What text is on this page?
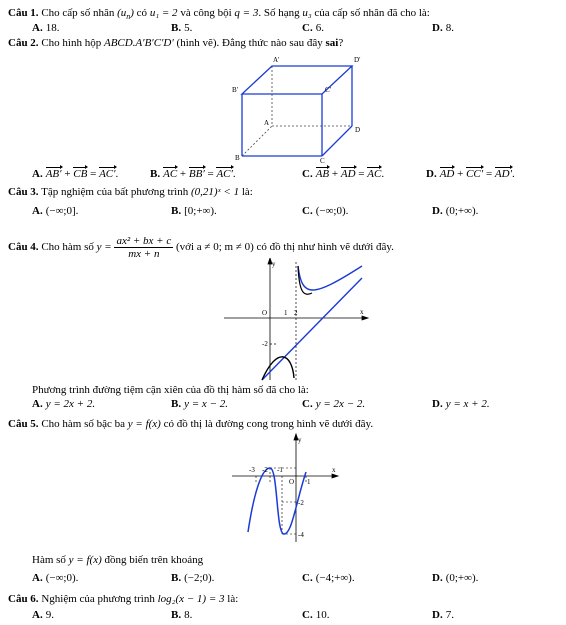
Câu 1. Cho cấp số nhân $(u_n)$ có u₁ = 2 và công bội q = 3. Số hạng u₃ của cấp số nhân đã cho là:
A. 18.	B. 5.	C. 6.	D. 8.
Câu 2. Cho hình hộp ABCD.A′B′C′D′ (hình vẽ). Đẳng thức nào sau đây sai?
A′	D′
B′	C′
A
D
B	C
A. AB′ + CB = AC′.	B. AC + BB′ = AC′.	C. AB + AD = AC.	D. AD + CC′ = AD′.
Câu 3. Tập nghiệm của bất phương trình (0,21)ˣ < 1 là:
A. (−∞;0].	B. [0;+∞).	C. (−∞;0).	D. (0;+∞).
Câu 4. Cho hàm số $y = \frac{\text{ax² + bx + c}}{mx + n}$ (với a ≠ 0; m ≠ 0) có đồ thị như hình vẽ dưới đây.
y
x
O 1 2
-2
Phương trình đường tiệm cận xiên của đồ thị hàm số đã cho là:
A. y = 2x + 2.	B. y = x − 2.	C. y = 2x − 2.	D. y = x + 2.
Câu 5. Cho hàm số bậc ba y = f(x) có đồ thị là đường cong trong hình vẽ dưới đây.
y
x
O
-3 -2 -1
1
-2
-4
Hàm số y = f(x) đồng biến trên khoảng
A. (−∞;0).	B. (−2;0).	C. (−4;+∞).	D. (0;+∞).
Câu 6. Nghiệm của phương trình log₂(x − 1) = 3 là:
A. 9.	B. 8.	C. 10.	D. 7.
